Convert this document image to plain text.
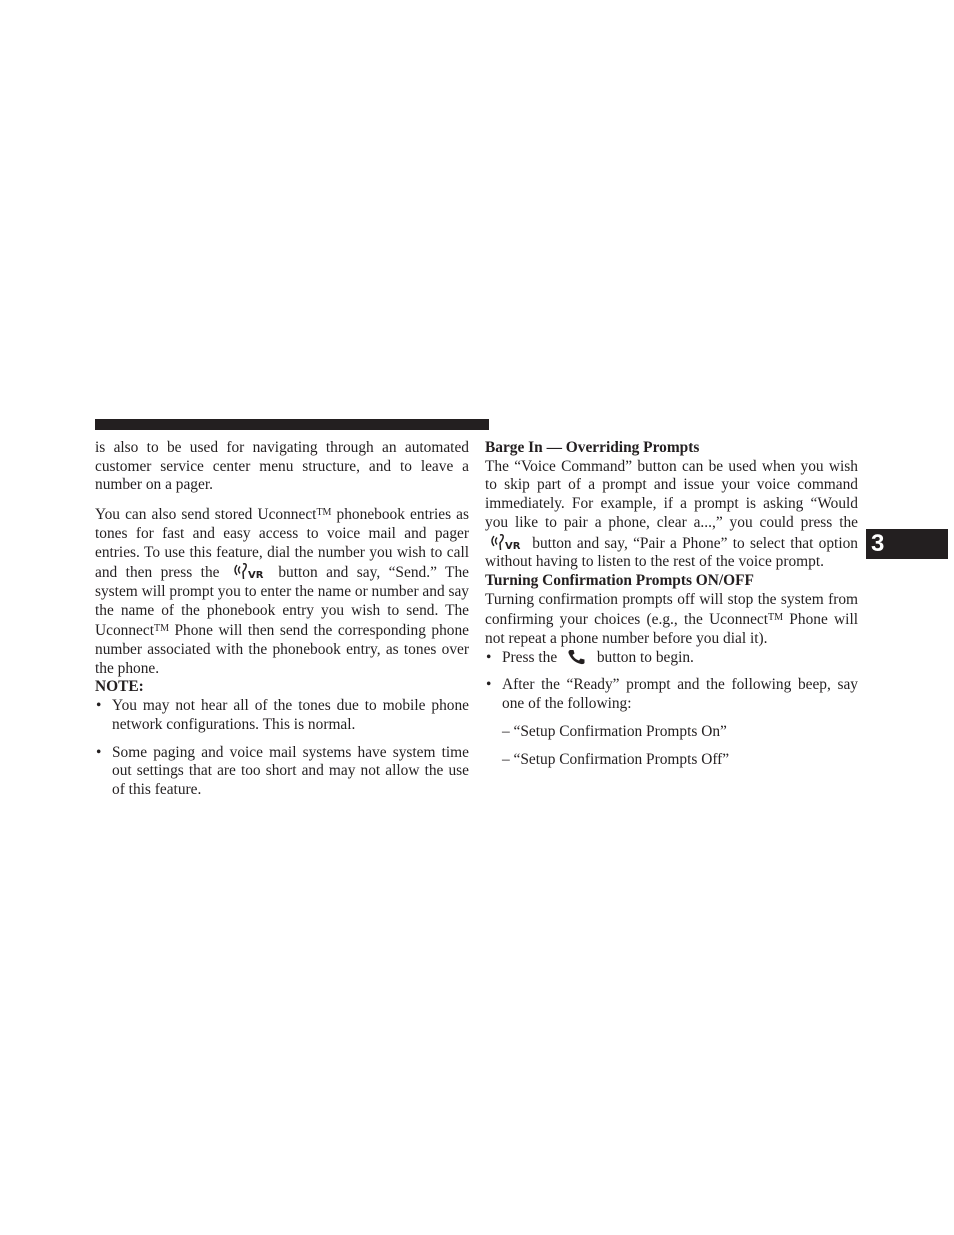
3

is also to be used for navigating through an automated customer service center menu structure, and to leave a number on a pager.

You can also send stored Uconnect™ phonebook entries as tones for fast and easy access to voice mail and pager entries. To use this feature, dial the number you wish to call and then press the VR button and say, “Send.” The system will prompt you to enter the name or number and say the name of the phonebook entry you wish to send. The Uconnect™ Phone will then send the corresponding phone number associated with the phonebook entry, as tones over the phone.

NOTE:

• You may not hear all of the tones due to mobile phone network configurations. This is normal.
• Some paging and voice mail systems have system time out settings that are too short and may not allow the use of this feature.

Barge In — Overriding Prompts

The “Voice Command” button can be used when you wish to skip part of a prompt and issue your voice command immediately. For example, if a prompt is asking “Would you like to pair a phone, clear a...,” you could press the
VR button and say, “Pair a Phone” to select that option without having to listen to the rest of the voice prompt.

Turning Confirmation Prompts ON/OFF

Turning confirmation prompts off will stop the system from confirming your choices (e.g., the Uconnect™ Phone will not repeat a phone number before you dial it).

• Press the  button to begin.
• After the “Ready” prompt and the following beep, say one of the following:

– “Setup Confirmation Prompts On”

– “Setup Confirmation Prompts Off”
